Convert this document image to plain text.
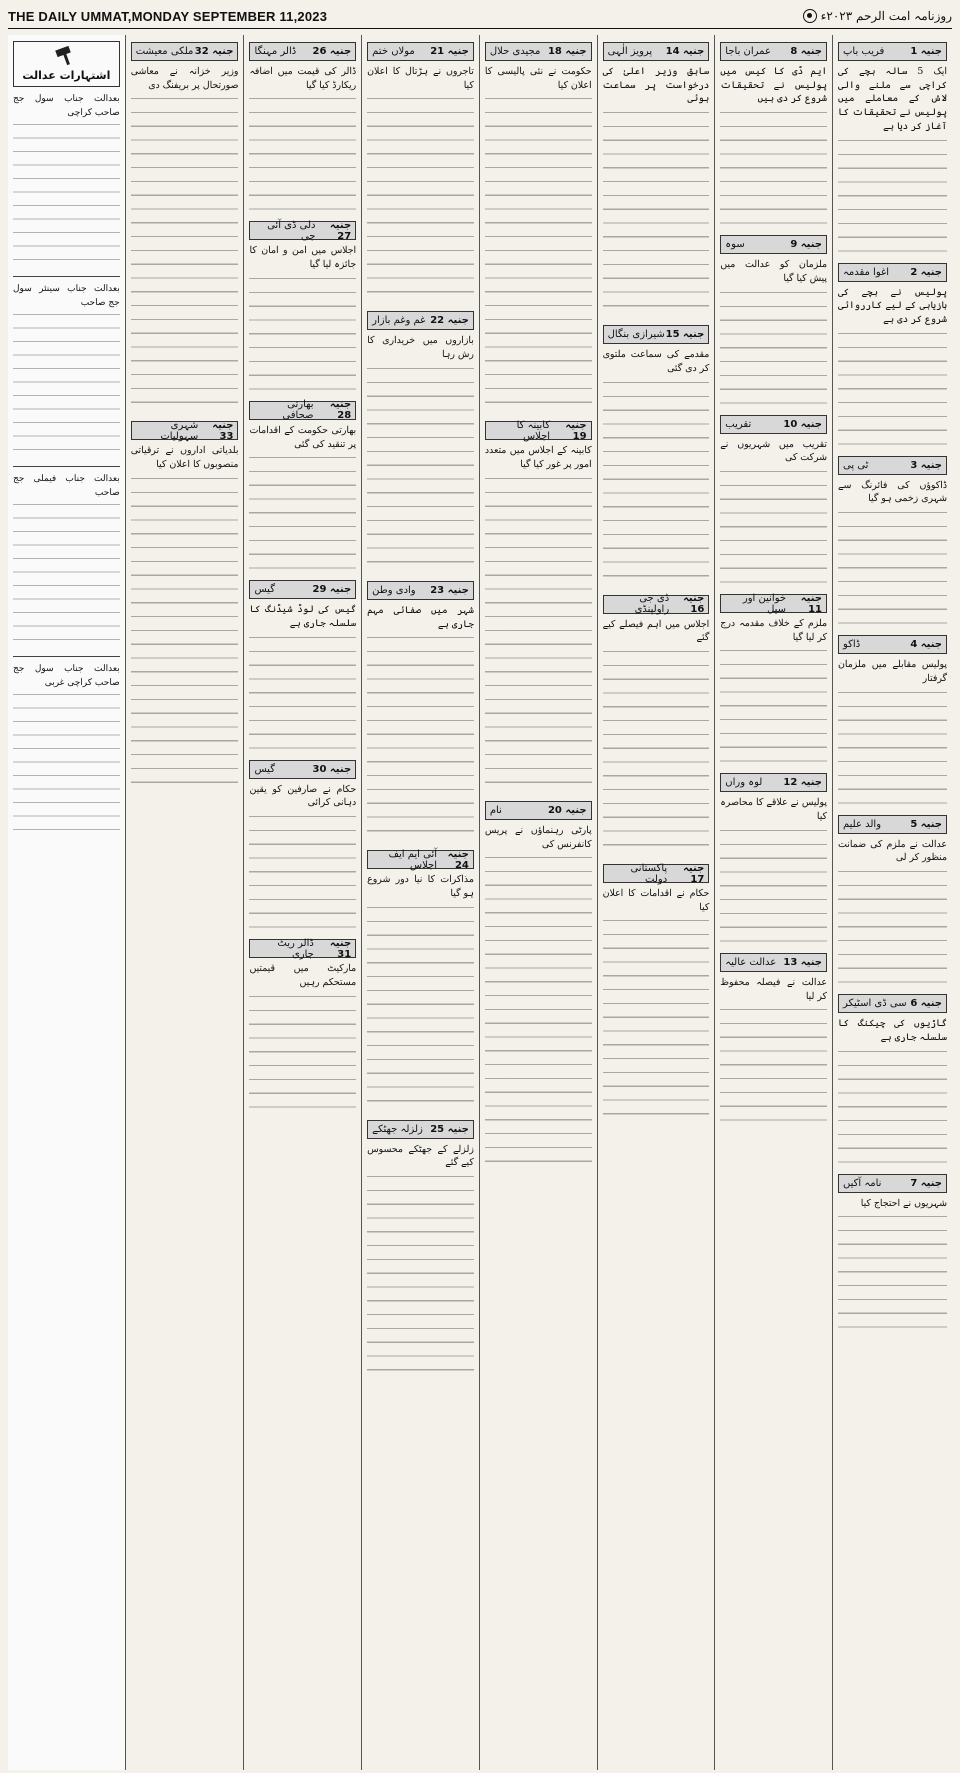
THE DAILY UMMAT,MONDAY SEPTEMBER 11,2023	روزنامہ امت الرحم ۲۰۲۳ء
جنیہ 1
فریب باپ

ایک 5 سالہ بچے کی کراچی سے ملنے والی لاش کے معاملے میں پولیس نے تحقیقات کا آغاز کر دیا ہے

جنیہ 2
اغوا مقدمہ

پولیس نے بچے کی بازیابی کے لیے کارروائی شروع کر دی ہے

جنیہ 3
ٹی پی

ڈاکوؤں کی فائرنگ سے شہری زخمی ہو گیا

جنیہ 4
ڈاکو

پولیس مقابلے میں ملزمان گرفتار

جنیہ 5
والد علیم

عدالت نے ملزم کی ضمانت منظور کر لی

جنیہ 6
سی ڈی اسٹیکر

گاڑیوں کی چیکنگ کا سلسلہ جاری ہے

جنیہ 7
نامہ آکیں

شہریوں نے احتجاج کیا

جنیہ 8
عمران باجا

ایم ڈی کا کیس میں پولیس نے تحقیقات شروع کر دی ہیں

جنیہ 9
سوہ

ملزمان کو عدالت میں پیش کیا گیا

جنیہ 10
تقریب

تقریب میں شہریوں نے شرکت کی

جنیہ 11
خوانین اور سیل

ملزم کے خلاف مقدمہ درج کر لیا گیا

جنیہ 12
لوہ وراں

پولیس نے علاقے کا محاصرہ کیا

جنیہ 13
عدالت عالیہ

عدالت نے فیصلہ محفوظ کر لیا

جنیہ 14
پرویز الٰہی

سابق وزیر اعلیٰ کی درخواست پر سماعت ہوئی

جنیہ 15
شیرازی بنگال

مقدمے کی سماعت ملتوی کر دی گئی

جنیہ 16
ڈی جی راولپنڈی

اجلاس میں اہم فیصلے کیے گئے

جنیہ 17
پاکستانی دولت

حکام نے اقدامات کا اعلان کیا

جنیہ 18
مجیدی حلال

حکومت نے نئی پالیسی کا اعلان کیا

جنیہ 19
کابینہ کا اجلاس

کابینہ کے اجلاس میں متعدد امور پر غور کیا گیا

جنیہ 20
نام

پارٹی رہنماؤں نے پریس کانفرنس کی

جنیہ 21
مولاں ختم

تاجروں نے ہڑتال کا اعلان کیا

جنیہ 22
غم وغم بازار

بازاروں میں خریداری کا رش رہا

جنیہ 23
وادی وطن

شہر میں صفائی مہم جاری ہے

جنیہ 24
آئی ایم ایف اجلاس

مذاکرات کا نیا دور شروع ہو گیا

جنیہ 25
زلزلہ جھٹکے

زلزلے کے جھٹکے محسوس کیے گئے

جنیہ 26
ڈالر مہنگا

ڈالر کی قیمت میں اضافہ ریکارڈ کیا گیا

جنیہ 27
دلی ڈی آئی جی

اجلاس میں امن و امان کا جائزہ لیا گیا

جنیہ 28
بھارتی صحافی

بھارتی حکومت کے اقدامات پر تنقید کی گئی

جنیہ 29
گیس

گیس کی لوڈ شیڈنگ کا سلسلہ جاری ہے

جنیہ 30
گیس

حکام نے صارفین کو یقین دہانی کرائی

جنیہ 31
ڈالر ریٹ جاری

مارکیٹ میں قیمتیں مستحکم رہیں

جنیہ 32
ملکی معیشت

وزیر خزانہ نے معاشی صورتحال پر بریفنگ دی

جنیہ 33
شہری سہولیات

بلدیاتی اداروں نے ترقیاتی منصوبوں کا اعلان کیا

اشتہارات عدالت

بعدالت جناب سول جج صاحب کراچی

بعدالت جناب سینئر سول جج صاحب

بعدالت جناب فیملی جج صاحب

بعدالت جناب سول جج صاحب کراچی غربی
